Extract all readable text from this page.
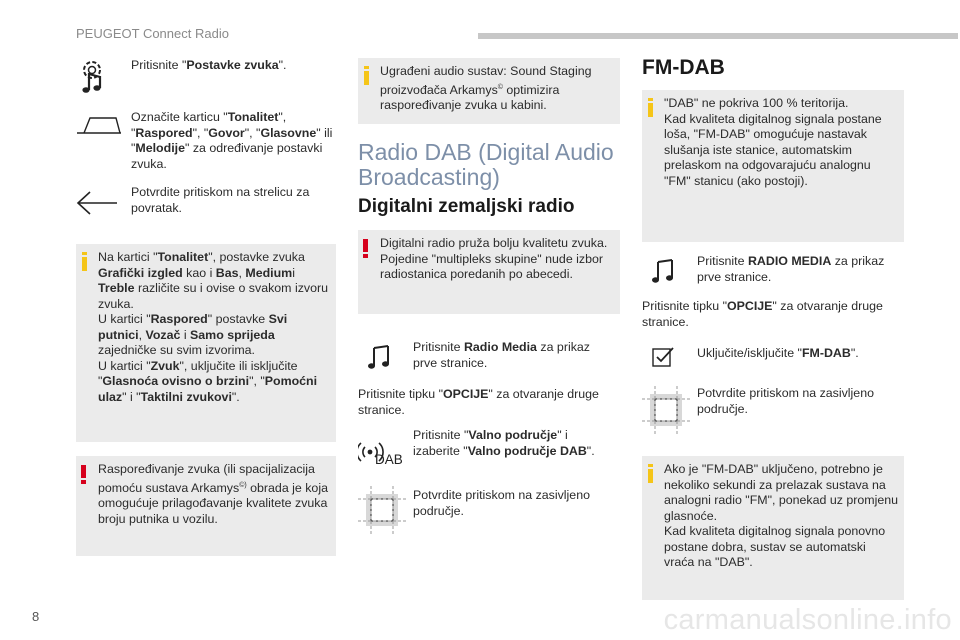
PEUGEOT Connect Radio
Pritisnite "Postavke zvuka".
Označite karticu "Tonalitet",
"Raspored", "Govor", "Glasovne" ili
"Melodije" za određivanje postavki
zvuka.
Potvrdite pritiskom na strelicu za
povratak.
Na kartici "Tonalitet", postavke zvuka
Grafički izgled kao i Bas, Mediumi
Treble različite su i ovise o svakom izvoru
zvuka.
U kartici "Raspored" postavke Svi
putnici, Vozač i Samo sprijeda
zajedničke su svim izvorima.
U kartici "Zvuk", uključite ili isključite
"Glasnoća ovisno o brzini", "Pomoćni
ulaz" i "Taktilni zvukovi".
Raspoređivanje zvuka (ili spacijalizacija
pomoću sustava Arkamys©) obrada je koja
omogućuje prilagođavanje kvalitete zvuka
broju putnika u vozilu.
Ugrađeni audio sustav: Sound Staging
proizvođača Arkamys© optimizira
raspoređivanje zvuka u kabini.
Radio DAB (Digital Audio
Broadcasting)
Digitalni zemaljski radio
Digitalni radio pruža bolju kvalitetu zvuka.
Pojedine "multipleks skupine" nude izbor
radiostanica poredanih po abecedi.
Pritisnite Radio Media za prikaz
prve stranice.
Pritisnite tipku "OPCIJE" za otvaranje druge
stranice.
DAB
Pritisnite "Valno područje" i
izaberite "Valno područje DAB".
Potvrdite pritiskom na zasivljeno
područje.
FM-DAB
"DAB" ne pokriva 100 % teritorija.
Kad kvaliteta digitalnog signala postane
loša, "FM-DAB" omogućuje nastavak
slušanja iste stanice, automatskim
prelaskom na odgovarajuću analognu
"FM" stanicu (ako postoji).
Pritisnite RADIO MEDIA za prikaz
prve stranice.
Pritisnite tipku "OPCIJE" za otvaranje druge
stranice.
Uključite/isključite "FM-DAB".
Potvrdite pritiskom na zasivljeno
područje.
Ako je "FM-DAB" uključeno, potrebno je
nekoliko sekundi za prelazak sustava na
analogni radio "FM", ponekad uz promjenu
glasnoće.
Kad kvaliteta digitalnog signala ponovno
postane dobra, sustav se automatski
vraća na "DAB".
8	carmanualsonline.info
